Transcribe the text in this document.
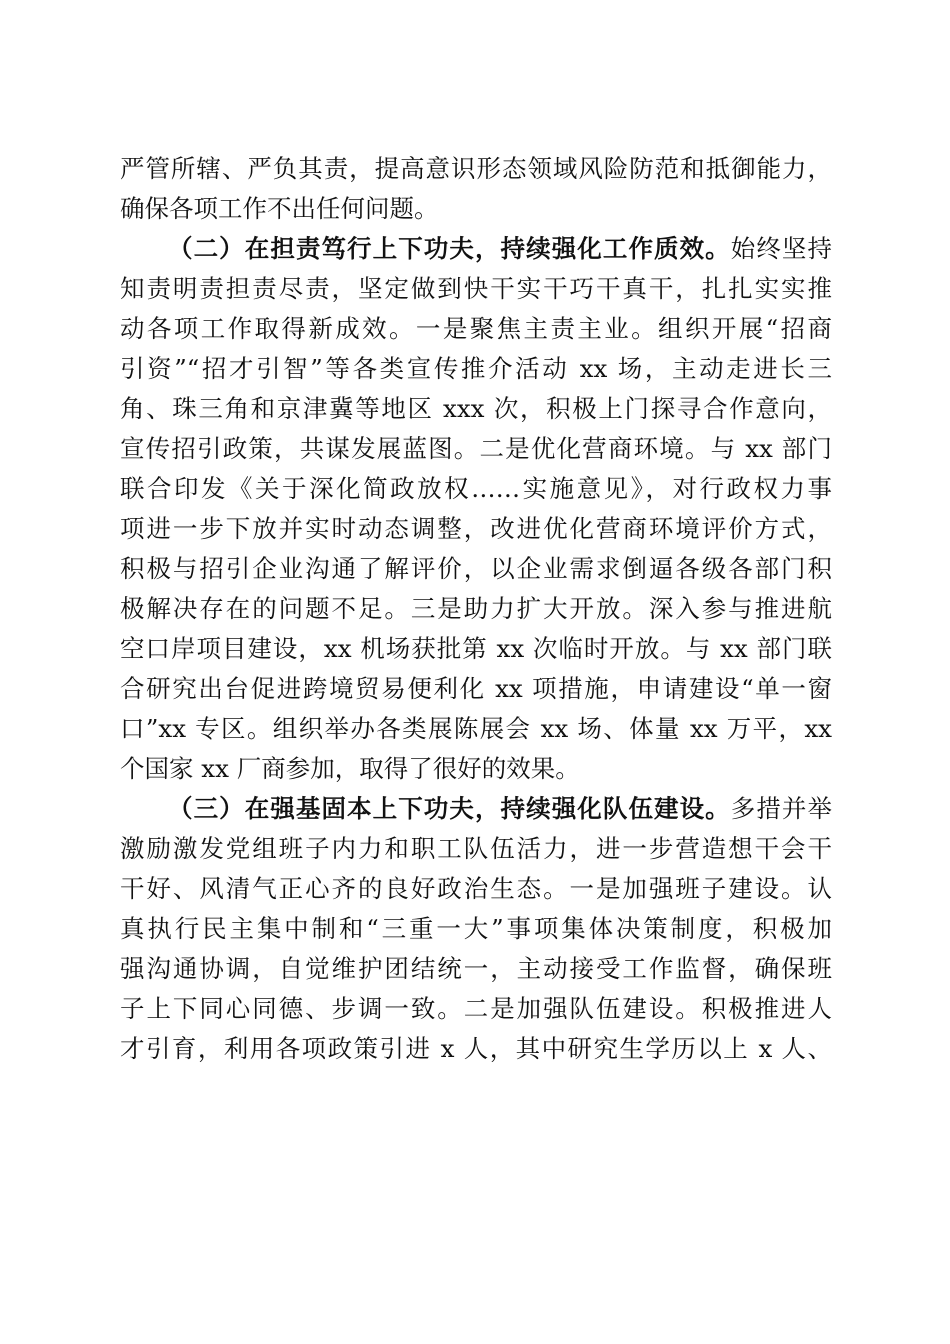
严管所辖、严负其责，提高意识形态领域风险防范和抵御能力，
确保各项工作不出任何问题。
（二）在担责笃行上下功夫，持续强化工作质效。始终坚持
知责明责担责尽责，坚定做到快干实干巧干真干，扎扎实实推
动各项工作取得新成效。一是聚焦主责主业。组织开展“招商
引资”“招才引智”等各类宣传推介活动 xx 场，主动走进长三
角、珠三角和京津冀等地区 xxx 次，积极上门探寻合作意向，
宣传招引政策，共谋发展蓝图。二是优化营商环境。与 xx 部门
联合印发《关于深化简政放权……实施意见》，对行政权力事
项进一步下放并实时动态调整，改进优化营商环境评价方式，
积极与招引企业沟通了解评价，以企业需求倒逼各级各部门积
极解决存在的问题不足。三是助力扩大开放。深入参与推进航
空口岸项目建设，xx 机场获批第 xx 次临时开放。与 xx 部门联
合研究出台促进跨境贸易便利化 xx 项措施，申请建设“单一窗
口”xx 专区。组织举办各类展陈展会 xx 场、体量 xx 万平，xx
个国家 xx 厂商参加，取得了很好的效果。
（三）在强基固本上下功夫，持续强化队伍建设。多措并举
激励激发党组班子内力和职工队伍活力，进一步营造想干会干
干好、风清气正心齐的良好政治生态。一是加强班子建设。认
真执行民主集中制和“三重一大”事项集体决策制度，积极加
强沟通协调，自觉维护团结统一，主动接受工作监督，确保班
子上下同心同德、步调一致。二是加强队伍建设。积极推进人
才引育，利用各项政策引进 x 人，其中研究生学历以上 x 人、
